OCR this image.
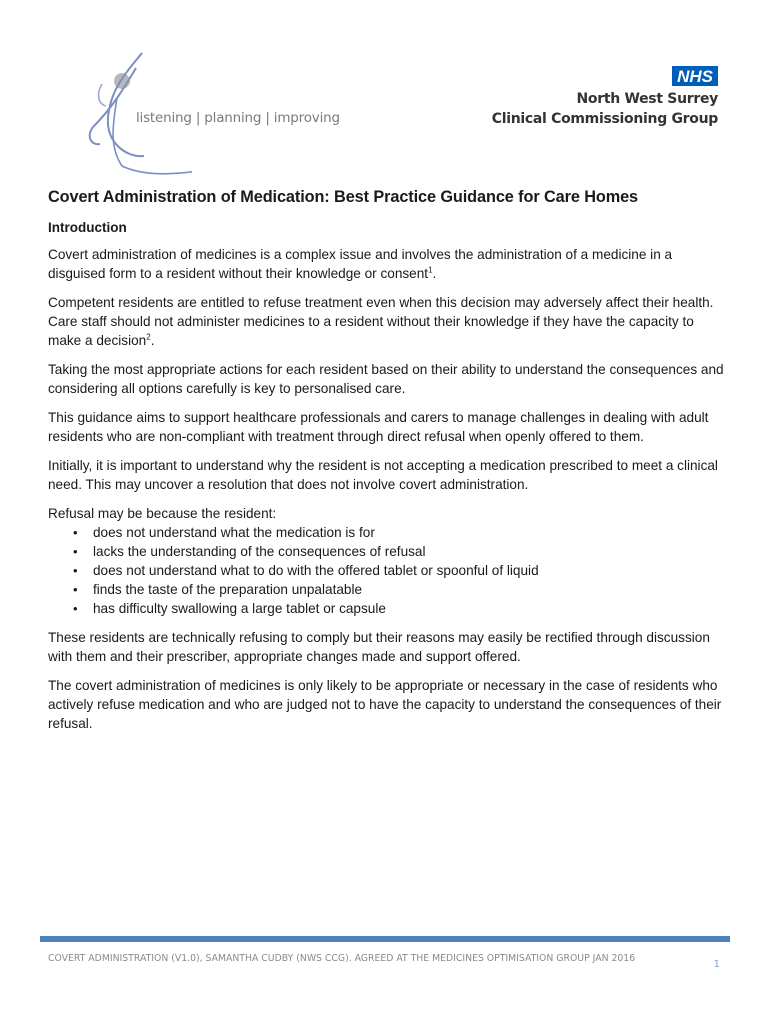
listening | planning | improving
NHS
North West Surrey
Clinical Commissioning Group
Covert Administration of Medication: Best Practice Guidance for Care Homes
Introduction

Covert administration of medicines is a complex issue and involves the administration of a medicine in a disguised form to a resident without their knowledge or consent$^1$.

Competent residents are entitled to refuse treatment even when this decision may adversely affect their health. Care staff should not administer medicines to a resident without their knowledge if they have the capacity to make a decision$^2$.

Taking the most appropriate actions for each resident based on their ability to understand the consequences and considering all options carefully is key to personalised care.

This guidance aims to support healthcare professionals and carers to manage challenges in dealing with adult residents who are non-compliant with treatment through direct refusal when openly offered to them.

Initially, it is important to understand why the resident is not accepting a medication prescribed to meet a clinical need. This may uncover a resolution that does not involve covert administration.

Refusal may be because the resident:

• does not understand what the medication is for
• lacks the understanding of the consequences of refusal
• does not understand what to do with the offered tablet or spoonful of liquid
• finds the taste of the preparation unpalatable
• has difficulty swallowing a large tablet or capsule

These residents are technically refusing to comply but their reasons may easily be rectified through discussion with them and their prescriber, appropriate changes made and support offered.

The covert administration of medicines is only likely to be appropriate or necessary in the case of residents who actively refuse medication and who are judged not to have the capacity to understand the consequences of their refusal.

COVERT ADMINISTRATION (V1.0), SAMANTHA CUDBY (NWS CCG). AGREED AT THE MEDICINES OPTIMISATION GROUP JAN 2016
1
